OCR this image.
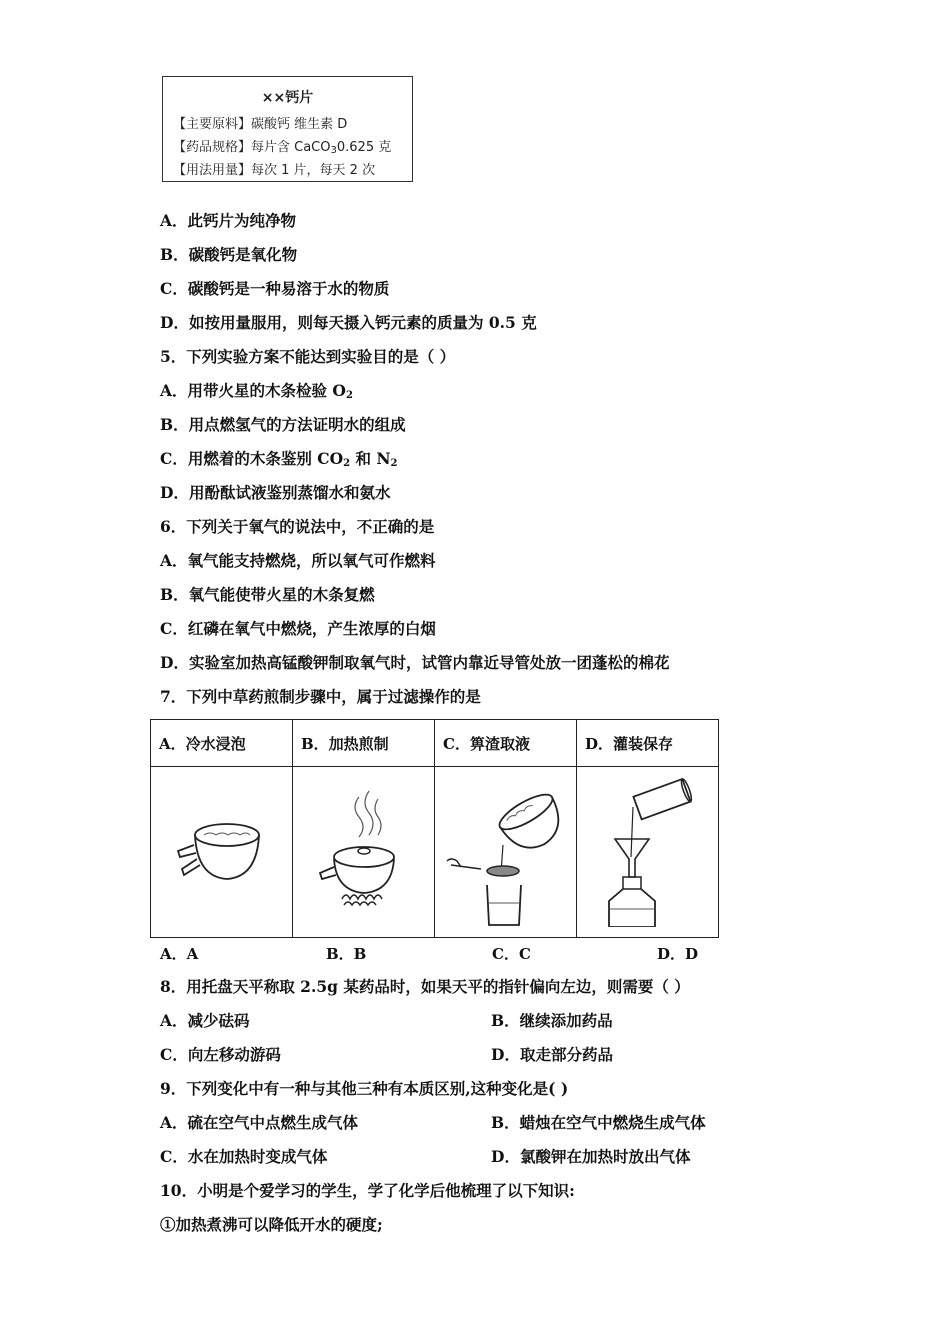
××钙片
【主要原料】碳酸钙 维生素 D
【药品规格】每片含 CaCO$_3$0.625 克
【用法用量】每次 1 片，每天 2 次
A．此钙片为纯净物
B．碳酸钙是氧化物
C．碳酸钙是一种易溶于水的物质
D．如按用量服用，则每天摄入钙元素的质量为 0.5 克
5．下列实验方案不能达到实验目的是（ ）
A．用带火星的木条检验 $O_2$
B．用点燃氢气的方法证明水的组成
C．用燃着的木条鉴别 $CO_2$ 和 $N_2$
D．用酚酞试液鉴别蒸馏水和氨水
6．下列关于氧气的说法中，不正确的是
A．氧气能支持燃烧，所以氧气可作燃料
B．氧气能使带火星的木条复燃
C．红磷在氧气中燃烧，产生浓厚的白烟
D．实验室加热高锰酸钾制取氧气时，试管内靠近导管处放一团蓬松的棉花
7．下列中草药煎制步骤中，属于过滤操作的是
A．冷水浸泡	B．加热煎制	C．箅渣取液	D．灌装保存

A．A	B．B	C．C	D．D
8．用托盘天平称取 2.5g 某药品时，如果天平的指针偏向左边，则需要（ ）
A．减少砝码	B．继续添加药品
C．向左移动游码	D．取走部分药品
9．下列变化中有一种与其他三种有本质区别,这种变化是( )
A．硫在空气中点燃生成气体	B．蜡烛在空气中燃烧生成气体
C．水在加热时变成气体	D．氯酸钾在加热时放出气体
10．小明是个爱学习的学生，学了化学后他梳理了以下知识:
①加热煮沸可以降低开水的硬度;
